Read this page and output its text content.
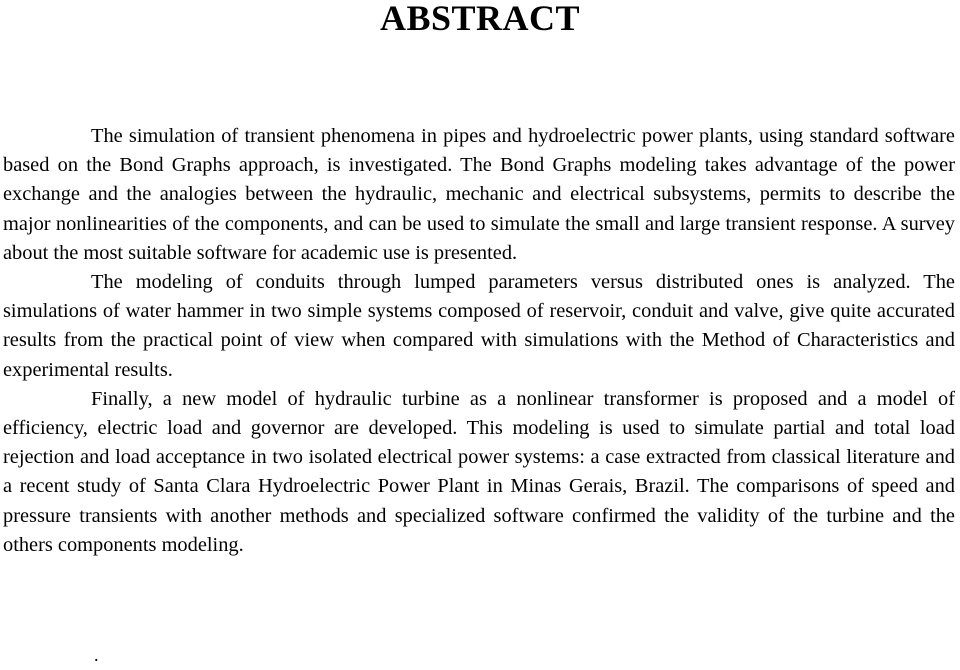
ABSTRACT

The simulation of transient phenomena in pipes and hydroelectric power plants, using standard software based on the Bond Graphs approach, is investigated. The Bond Graphs modeling takes advantage of the power exchange and the analogies between the hydraulic, mechanic and electrical subsystems, permits to describe the major nonlinearities of the components, and can be used to simulate the small and large transient response. A survey about the most suitable software for academic use is presented.

The modeling of conduits through lumped parameters versus distributed ones is analyzed. The simulations of water hammer in two simple systems composed of reservoir, conduit and valve, give quite accurated results from the practical point of view when compared with simulations with the Method of Characteristics and experimental results.

Finally, a new model of hydraulic turbine as a nonlinear transformer is proposed and a model of efficiency, electric load and governor are developed. This modeling is used to simulate partial and total load rejection and load acceptance in two isolated electrical power systems: a case extracted from classical literature and a recent study of Santa Clara Hydroelectric Power Plant in Minas Gerais, Brazil. The comparisons of speed and pressure transients with another methods and specialized software confirmed the validity of the turbine and the others components modeling.

.
